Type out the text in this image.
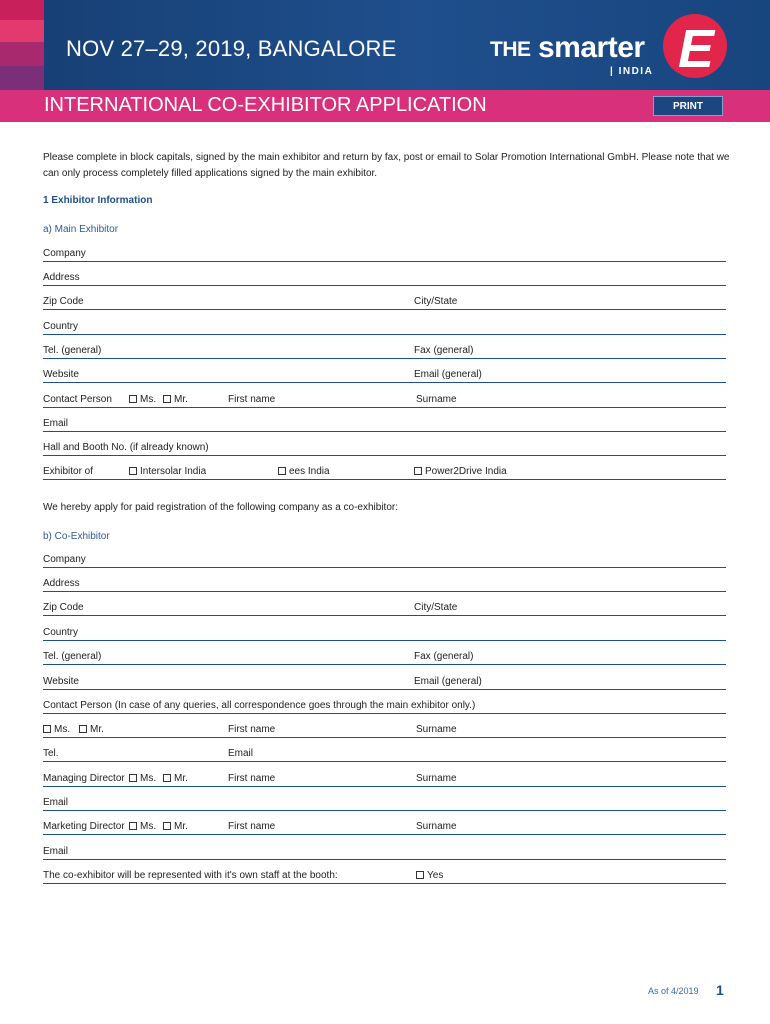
NOV 27–29, 2019, BANGALORE	E
THE smarter
| INDIA
INTERNATIONAL CO-EXHIBITOR APPLICATION	PRINT
Please complete in block capitals, signed by the main exhibitor and return by fax, post or email to Solar Promotion International GmbH. Please note that we can only process completely filled applications signed by the main exhibitor.
1 Exhibitor Information
a) Main Exhibitor
Company
Address
Zip Code	City/State
Country
Tel. (general)	Fax (general)
Website	Email (general)
Contact Person	Ms.	Mr.	First name	Surname
Email
Hall and Booth No. (if already known)
Exhibitor of	Intersolar India	ees India	Power2Drive India
We hereby apply for paid registration of the following company as a co-exhibitor:
b) Co-Exhibitor
Company
Address
Zip Code	City/State
Country
Tel. (general)	Fax (general)
Website	Email (general)
Contact Person (In case of any queries, all correspondence goes through the main exhibitor only.)
Ms.	Mr.	First name	Surname
Tel.	Email
Managing Director	Ms.	Mr.	First name	Surname
Email
Marketing Director	Ms.	Mr.	First name	Surname
Email
The co-exhibitor will be represented with it's own staff at the booth:	Yes
As of 4/2019 1
